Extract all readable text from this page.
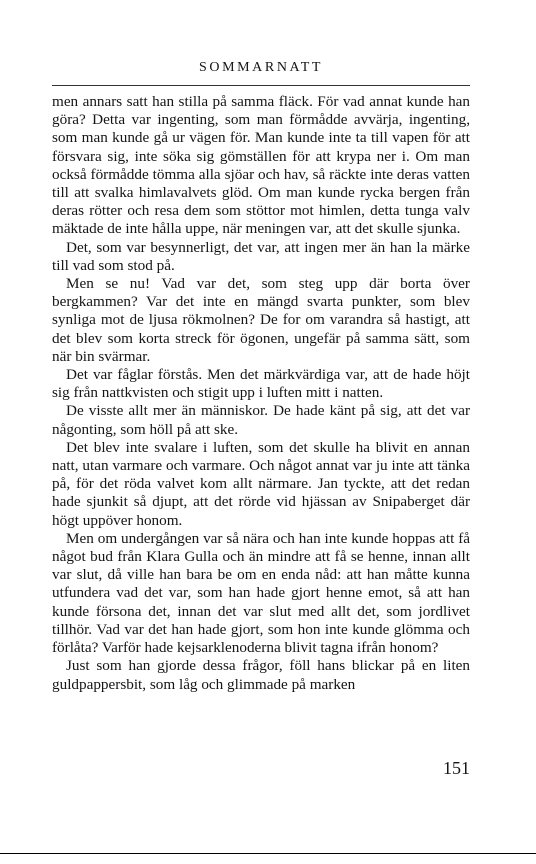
SOMMARNATT

men annars satt han stilla på samma fläck. För vad annat kunde han göra? Detta var ingenting, som man förmådde avvärja, ingenting, som man kunde gå ur vägen för. Man kunde inte ta till vapen för att försvara sig, inte söka sig gömställen för att krypa ner i. Om man också förmådde tömma alla sjöar och hav, så räckte inte deras vatten till att svalka himlavalvets glöd. Om man kunde rycka bergen från deras rötter och resa dem som stöttor mot himlen, detta tunga valv mäktade de inte hålla uppe, när meningen var, att det skulle sjunka.

Det, som var besynnerligt, det var, att ingen mer än han la märke till vad som stod på.

Men se nu! Vad var det, som steg upp där borta över bergkammen? Var det inte en mängd svarta punkter, som blev synliga mot de ljusa rökmolnen? De for om varandra så hastigt, att det blev som korta streck för ögonen, ungefär på samma sätt, som när bin svärmar.

Det var fåglar förstås. Men det märkvärdiga var, att de hade höjt sig från nattkvisten och stigit upp i luften mitt i natten.

De visste allt mer än människor. De hade känt på sig, att det var någonting, som höll på att ske.

Det blev inte svalare i luften, som det skulle ha blivit en annan natt, utan varmare och varmare. Och något annat var ju inte att tänka på, för det röda valvet kom allt närmare. Jan tyckte, att det redan hade sjunkit så djupt, att det rörde vid hjässan av Snipaberget där högt uppöver honom.

Men om undergången var så nära och han inte kunde hoppas att få något bud från Klara Gulla och än mindre att få se henne, innan allt var slut, då ville han bara be om en enda nåd: att han måtte kunna utfundera vad det var, som han hade gjort henne emot, så att han kunde försona det, innan det var slut med allt det, som jordlivet tillhör. Vad var det han hade gjort, som hon inte kunde glömma och förlåta? Varför hade kejsarklenoderna blivit tagna ifrån honom?

Just som han gjorde dessa frågor, föll hans blickar på en liten guldpappersbit, som låg och glimmade på marken

151
